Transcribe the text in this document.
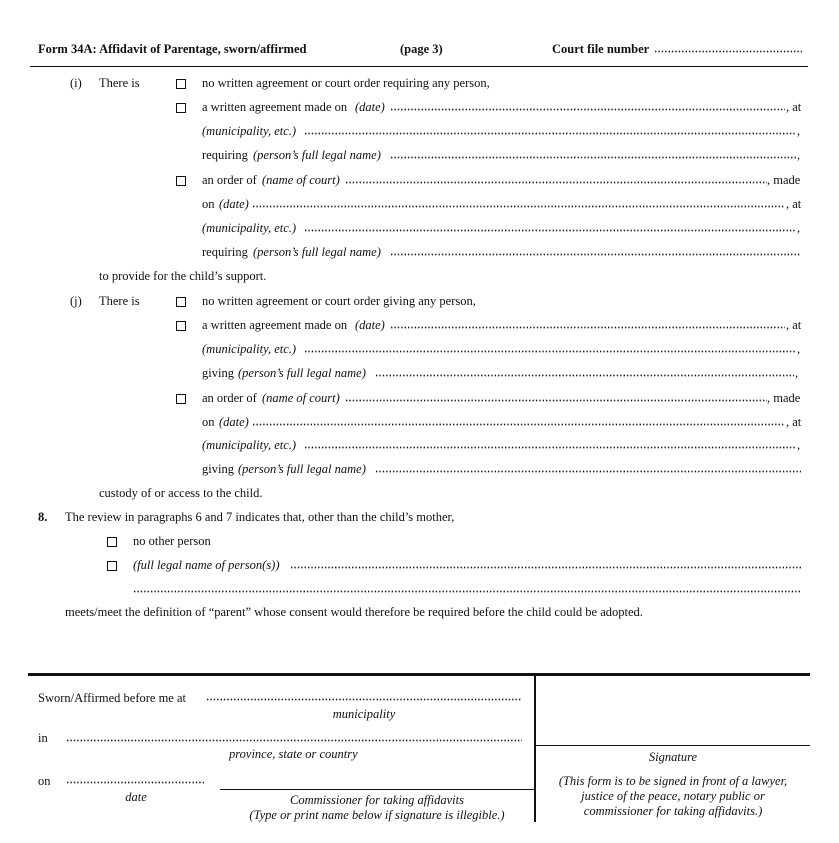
Form 34A: Affidavit of Parentage, sworn/affirmed	(page 3)	Court file number
(i) There is	no written agreement or court order requiring any person,
a written agreement made on (date)	, at
(municipality, etc.)	,
requiring (person’s full legal name)	,
an order of (name of court)	, made
on (date)	, at
(municipality, etc.)	,
requiring (person’s full legal name)
to provide for the child’s support.
(j) There is	no written agreement or court order giving any person,
a written agreement made on (date)	, at
(municipality, etc.)	,
giving (person’s full legal name)	,
an order of (name of court)	, made
on (date)	, at
(municipality, etc.)	,
giving (person’s full legal name)
custody of or access to the child.
8. The review in paragraphs 6 and 7 indicates that, other than the child’s mother,
no other person
(full legal name of person(s))
meets/meet the definition of “parent” whose consent would therefore be required before the child could be adopted.
Sworn/Affirmed before me at
municipality
in
province, state or country
on
date	Commissioner for taking affidavits
(Type or print name below if signature is illegible.)
Signature
(This form is to be signed in front of a lawyer,
justice of the peace, notary public or
commissioner for taking affidavits.)
